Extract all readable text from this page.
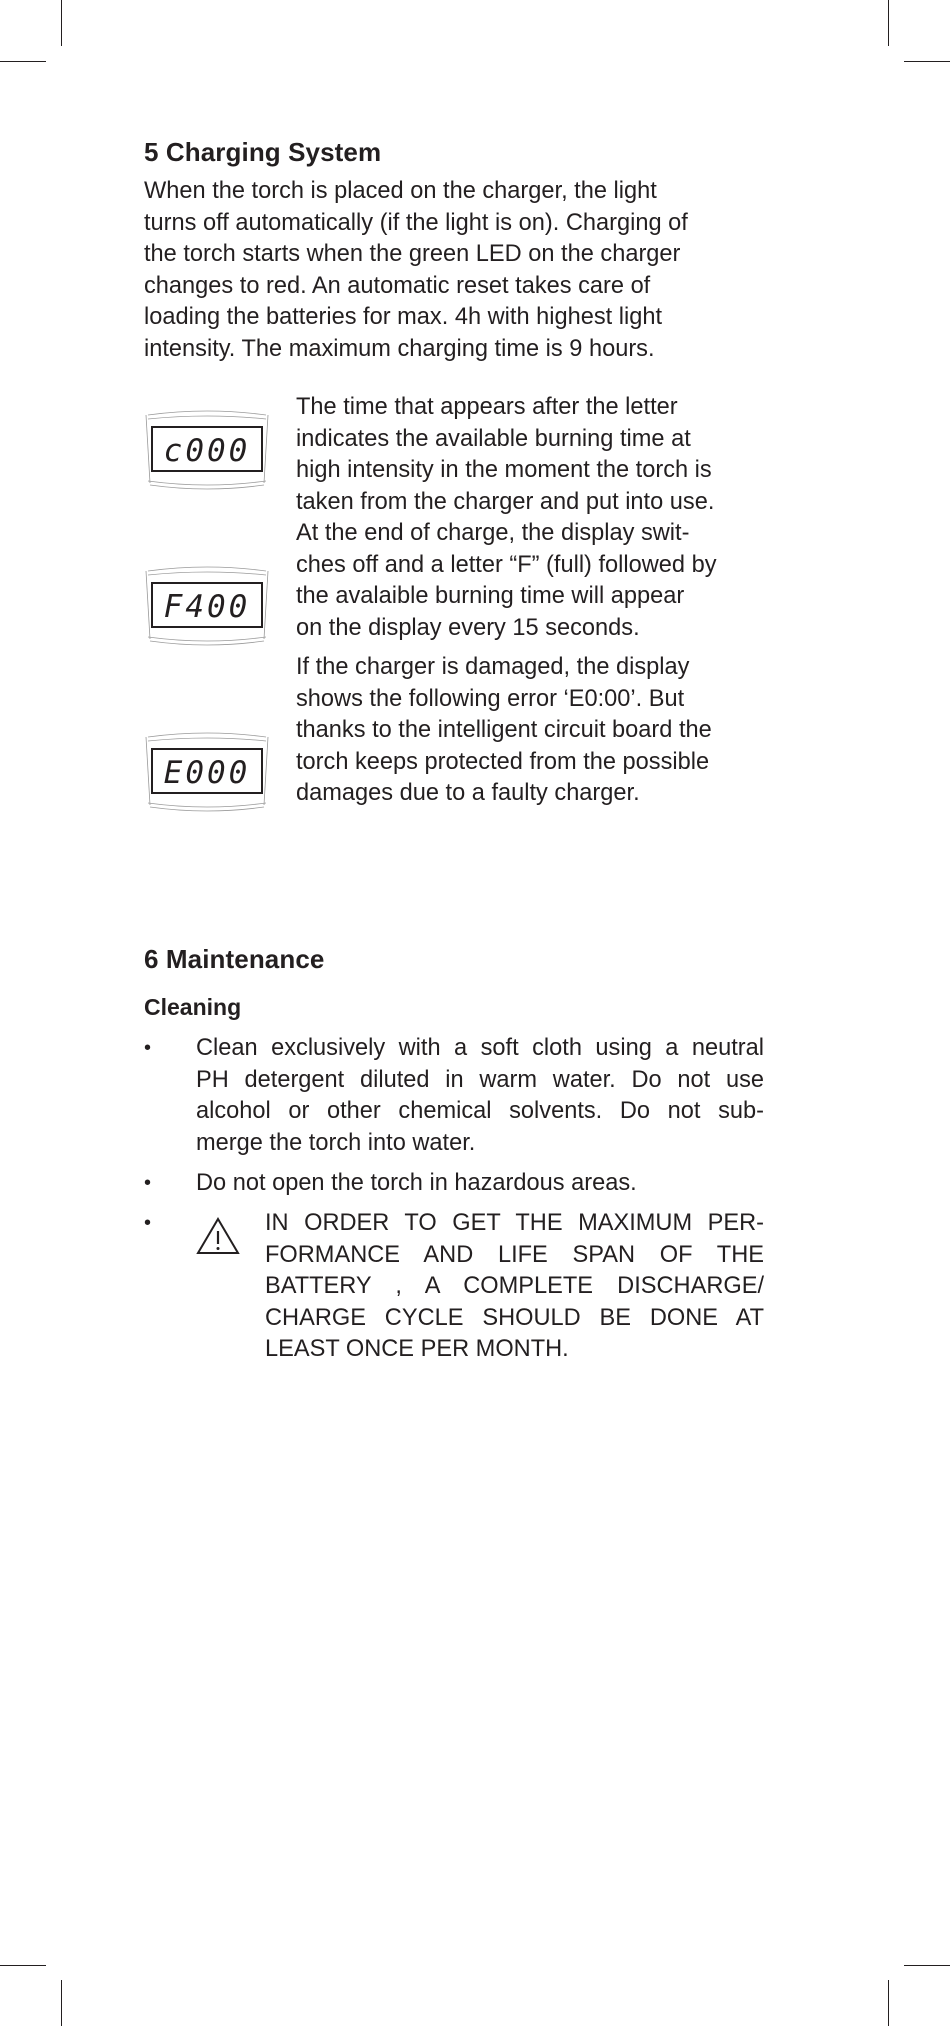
5 Charging System
When the torch is placed on the charger, the light
turns off automatically (if the light is on). Charging of
the torch starts when the green LED on the charger
changes to red. An automatic reset takes care of
loading the batteries for max. 4h with highest light
intensity. The maximum charging time is 9 hours.
c000
F400
E000
The time that appears after the letter
indicates the available burning time at
high intensity in the moment the torch is
taken from the charger and put into use.
At the end of charge, the display swit-
ches off and a letter “F” (full) followed by
the avalaible burning time will appear
on the display every 15 seconds.
If the charger is damaged, the display
shows the following error ‘E0:00’. But
thanks to the intelligent circuit board the
torch keeps protected from the possible
damages due to a faulty charger.
6 Maintenance
Cleaning
• Clean exclusively with a soft cloth using a neutral
PH detergent diluted in warm water. Do not use
alcohol or other chemical solvents. Do not sub-
merge the torch into water.
• Do not open the torch in hazardous areas.
•	IN ORDER TO GET THE MAXIMUM PER-
FORMANCE AND LIFE SPAN OF THE
BATTERY , A COMPLETE DISCHARGE/
CHARGE CYCLE SHOULD BE DONE AT
LEAST ONCE PER MONTH.
